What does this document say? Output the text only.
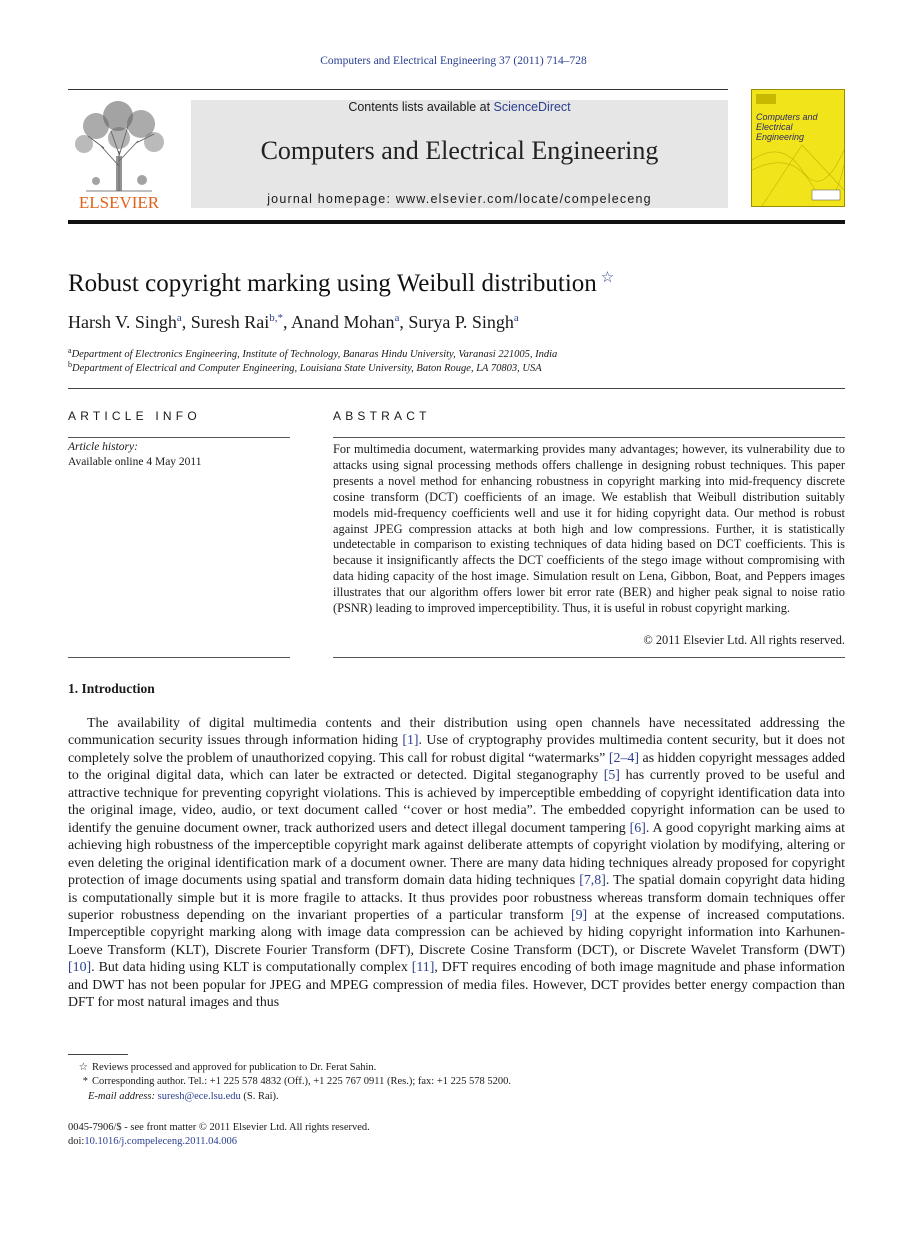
Computers and Electrical Engineering 37 (2011) 714–728
ELSEVIER
Contents lists available at ScienceDirect
Computers and Electrical Engineering
journal homepage: www.elsevier.com/locate/compeleceng
Computers and Electrical Engineering
Robust copyright marking using Weibull distribution ☆
Harsh V. Singh$^a$, Suresh Rai$^{b,*}$, Anand Mohan$^a$, Surya P. Singh$^a$
$^a$Department of Electronics Engineering, Institute of Technology, Banaras Hindu University, Varanasi 221005, India
$^b$Department of Electrical and Computer Engineering, Louisiana State University, Baton Rouge, LA 70803, USA
ARTICLE INFO
Article history:
Available online 4 May 2011
ABSTRACT
For multimedia document, watermarking provides many advantages; however, its vulnerability due to attacks using signal processing methods offers challenge in designing robust techniques. This paper presents a novel method for enhancing robustness in copyright marking into mid-frequency discrete cosine transform (DCT) coefficients of an image. We establish that Weibull distribution suitably models mid-frequency coefficients well and use it for hiding copyright data. Our method is robust against JPEG compression attacks at both high and low compressions. Further, it is statistically undetectable in comparison to existing techniques of data hiding based on DCT coefficients. This is because it insignificantly affects the DCT coefficients of the stego image without compromising with data hiding capacity of the host image. Simulation result on Lena, Gibbon, Boat, and Peppers images illustrates that our algorithm offers lower bit error rate (BER) and higher peak signal to noise ratio (PSNR) leading to improved imperceptibility. Thus, it is useful in robust copyright marking.
© 2011 Elsevier Ltd. All rights reserved.
1. Introduction
The availability of digital multimedia contents and their distribution using open channels have necessitated addressing the communication security issues through information hiding [1]. Use of cryptography provides multimedia content security, but it does not completely solve the problem of unauthorized copying. This call for robust digital “watermarks” [2–4] as hidden copyright messages added to the original digital data, which can later be extracted or detected. Digital steganography [5] has currently proved to be useful and attractive technique for preventing copyright violations. This is achieved by imperceptible embedding of copyright identification data into the original image, video, audio, or text document called ‘‘cover or host media”. The embedded copyright information can be used to identify the genuine document owner, track authorized users and detect illegal document tampering [6]. A good copyright marking aims at achieving high robustness of the imperceptible copyright mark against deliberate attempts of copyright violation by modifying, altering or even deleting the original identification mark of a document owner. There are many data hiding techniques already proposed for copyright protection of image documents using spatial and transform domain data hiding techniques [7,8]. The spatial domain copyright data hiding is computationally simple but it is more fragile to attacks. It thus provides poor robustness whereas transform domain techniques offer superior robustness depending on the invariant properties of a particular transform [9] at the expense of increased computations. Imperceptible copyright marking along with image data compression can be achieved by hiding copyright information into Karhunen-Loeve Transform (KLT), Discrete Fourier Transform (DFT), Discrete Cosine Transform (DCT), or Discrete Wavelet Transform (DWT) [10]. But data hiding using KLT is computationally complex [11], DFT requires encoding of both image magnitude and phase information and DWT has not been popular for JPEG and MPEG compression of media files. However, DCT provides better energy compaction than DFT for most natural images and thus
☆ Reviews processed and approved for publication to Dr. Ferat Sahin.
* Corresponding author. Tel.: +1 225 578 4832 (Off.), +1 225 767 0911 (Res.); fax: +1 225 578 5200.
E-mail address: suresh@ece.lsu.edu (S. Rai).
0045-7906/$ - see front matter © 2011 Elsevier Ltd. All rights reserved.
doi:10.1016/j.compeleceng.2011.04.006
